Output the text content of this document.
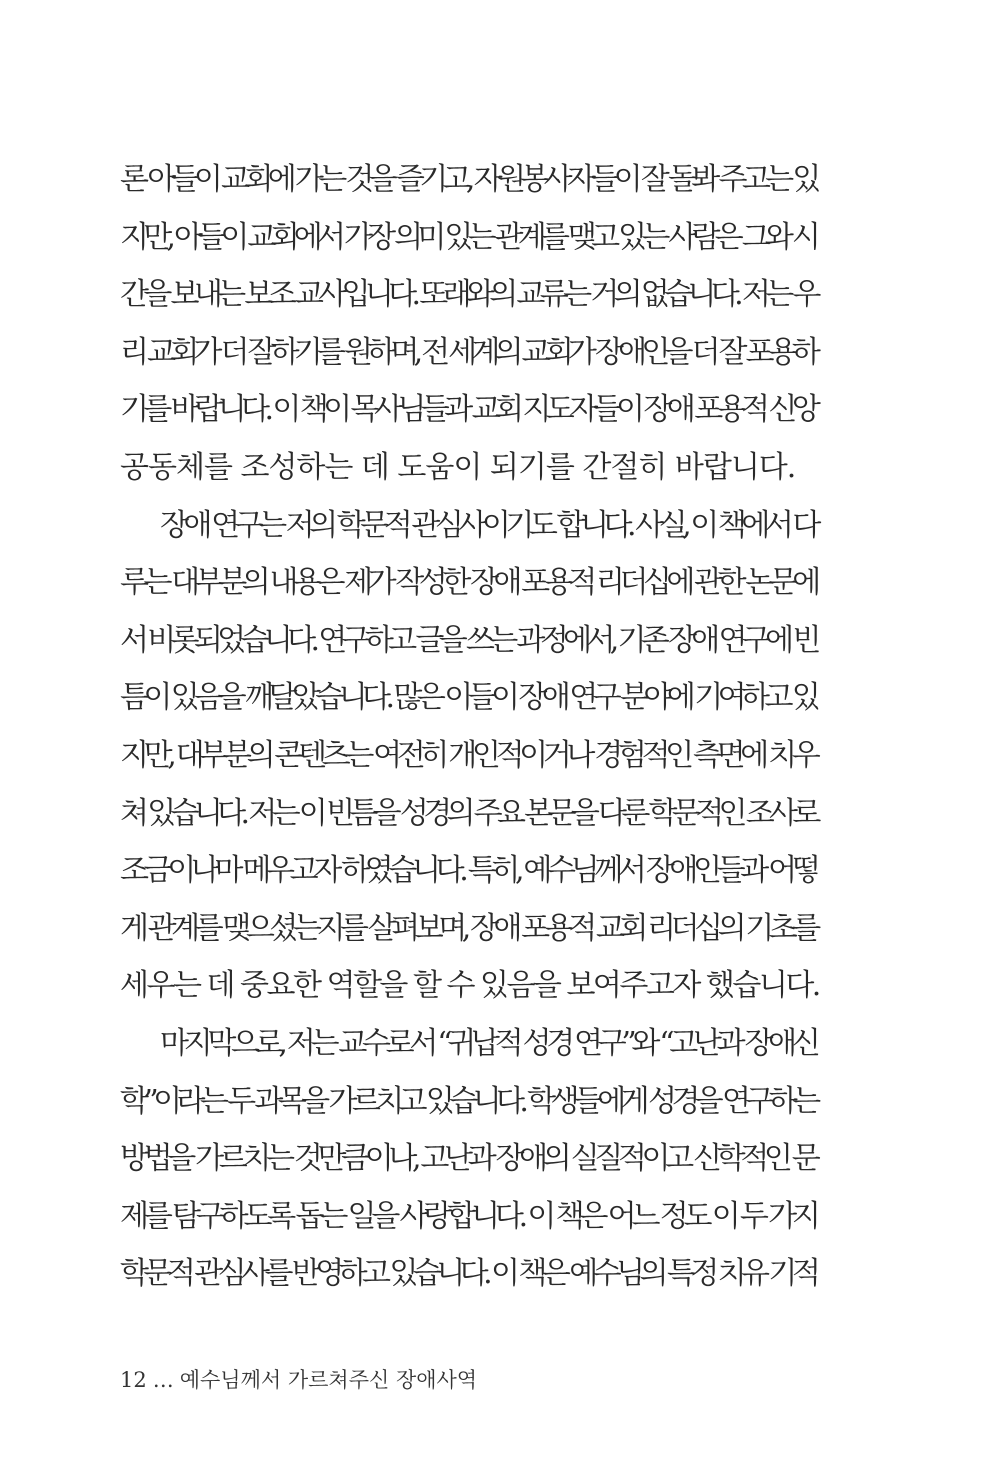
론 아들이 교회에 가는 것을 즐기고, 자원봉사자들이 잘 돌봐 주고는 있
지만, 아들이 교회에서 가장 의미 있는 관계를 맺고 있는 사람은 그와 시
간을 보내는 보조 교사입니다. 또래와의 교류는 거의 없습니다. 저는 우
리 교회가 더 잘하기를 원하며, 전 세계의 교회가 장애인을 더 잘 포용하
기를 바랍니다. 이 책이 목사님들과 교회 지도자들이 장애 포용적 신앙
공동체를 조성하는 데 도움이 되기를 간절히 바랍니다.
장애 연구는 저의 학문적 관심사이기도 합니다. 사실, 이 책에서 다
루는 대부분의 내용은 제가 작성한 장애 포용적 리더십에 관한 논문에
서 비롯되었습니다. 연구하고 글을 쓰는 과정에서, 기존 장애 연구에 빈
틈이 있음을 깨달았습니다. 많은 이들이 장애 연구 분야에 기여하고 있
지만, 대부분의 콘텐츠는 여전히 개인적이거나 경험적인 측면에 치우
쳐 있습니다. 저는 이 빈틈을 성경의 주요 본문을 다룬 학문적인 조사로
조금이나마 메우고자 하였습니다. 특히, 예수님께서 장애인들과 어떻
게 관계를 맺으셨는지를 살펴보며, 장애 포용적 교회 리더십의 기초를
세우는 데 중요한 역할을 할 수 있음을 보여주고자 했습니다.
마지막으로, 저는 교수로서 “귀납적 성경 연구”와 “고난과 장애신
학”이라는 두 과목을 가르치고 있습니다. 학생들에게 성경을 연구하는
방법을 가르치는 것만큼이나, 고난과 장애의 실질적이고 신학적인 문
제를 탐구하도록 돕는 일을 사랑합니다. 이 책은 어느 정도 이 두 가지
학문적 관심사를 반영하고 있습니다. 이 책은 예수님의 특정 치유 기적
12 … 예수님께서 가르쳐주신 장애사역
